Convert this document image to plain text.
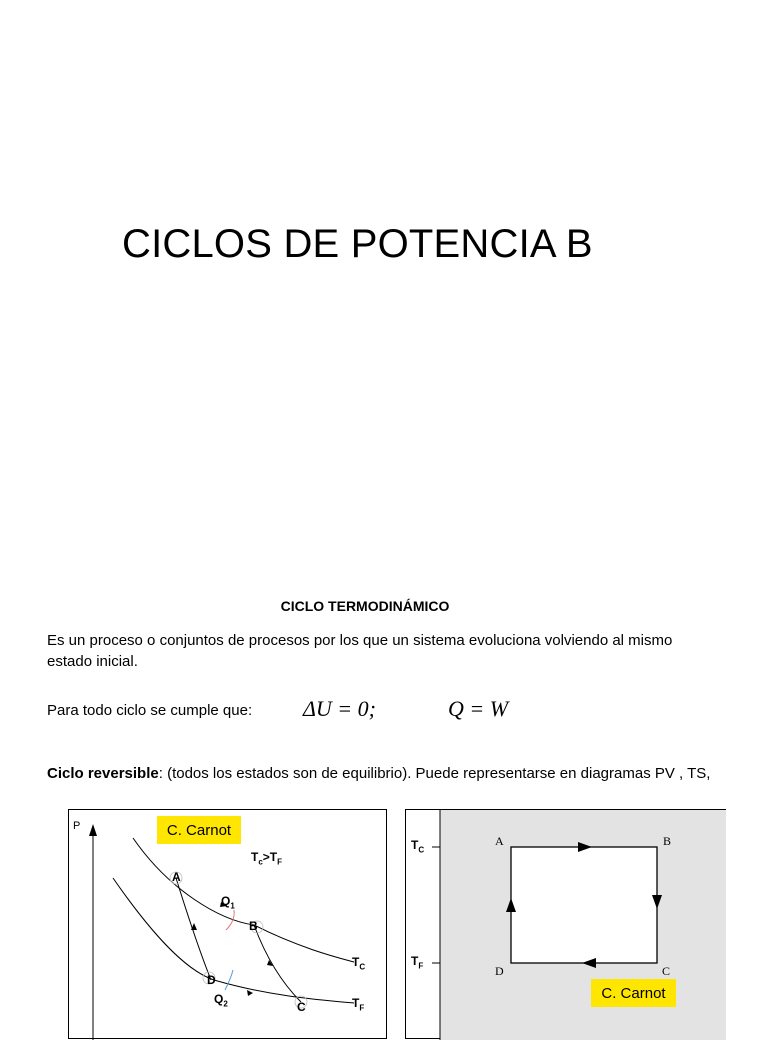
CICLOS DE POTENCIA B
CICLO TERMODINÁMICO
Es un proceso o conjuntos de procesos por los que un sistema evoluciona volviendo al mismo estado inicial.
Para todo ciclo se cumple que: ΔU = 0;	Q = W
Ciclo reversible: (todos los estados son de equilibrio). Puede representarse en diagramas PV , TS,
P	C. Carnot
$T_c>T_F$
A
B
C
D
$Q_1$
$Q_2$
$T_C$
$T_F$
$T_C$
$T_F$
A	B
C
D
C. Carnot
